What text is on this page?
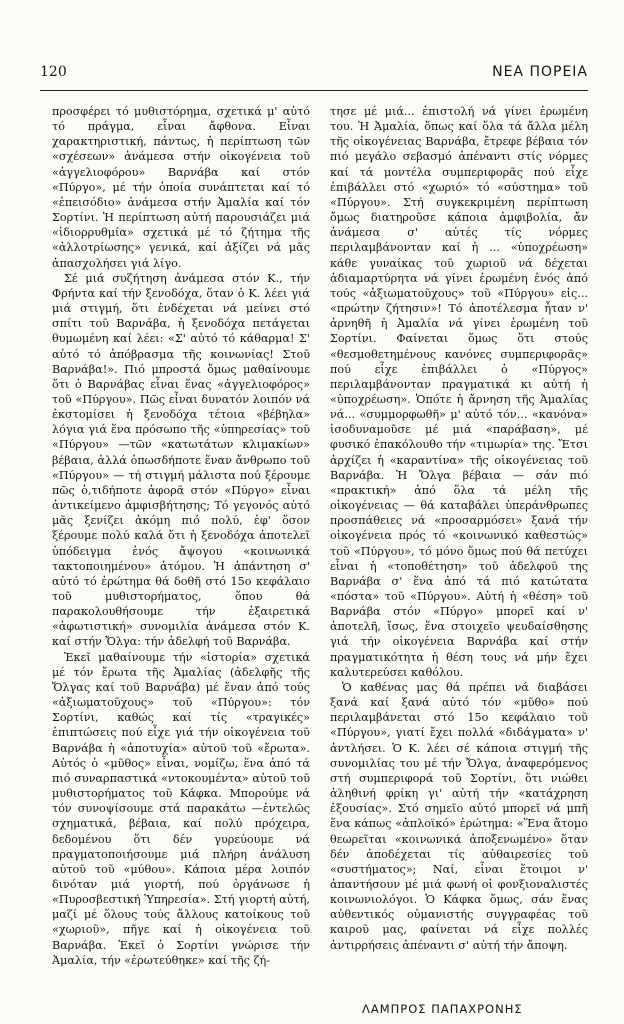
120	ΝΕΑ ΠΟΡΕΙΑ

προσφέρει τό μυθιστόρημα, σχετικά μ' αὐτό τό πράγμα, εἶναι ἄφθονα. Εἶναι χαρακτηριστική, πάντως, ἡ περίπτωση τῶν «σχέσεων» ἀνάμεσα στήν οἰκογένεια τοῦ «ἀγγελιοφόρου» Βαρνάβα καί στόν «Πύργο», μέ τήν ὁποία συνάπτεται καί τό «ἐπεισόδιο» ἀνάμεσα στήν Ἀμαλία καί τόν Σορτίνι. Ἡ περίπτωση αὐτή παρουσιάζει μιά «ἰδιορρυθμία» σχετικά μέ τό ζήτημα τῆς «ἀλλοτρίωσης» γενικά, καί ἀξίζει νά μᾶς ἀπασχολήσει γιά λίγο.

Σέ μιά συζήτηση ἀνάμεσα στόν Κ., τήν Φρήντα καί τήν ξενοδόχα, ὅταν ὁ Κ. λέει γιά μιά στιγμή, ὅτι ἐνδέχεται νά μείνει στό σπίτι τοῦ Βαρνάβα, ἡ ξενοδόχα πετάγεται θυμωμένη καί λέει: «Σ' αὐτό τό κάθαρμα! Σ' αὐτό τό ἀπόβρασμα τῆς κοινωνίας! Στοῦ Βαρνάβα!». Πιό μπροστά ὅμως μαθαίνουμε ὅτι ὁ Βαρνάβας εἶναι ἕνας «ἀγγελιοφόρος» τοῦ «Πύργου». Πῶς εἶναι δυνατόν λοιπόν νά ἐκστομίσει ἡ ξενοδόχα τέτοια «βέβηλα» λόγια γιά ἕνα πρόσωπο τῆς «ὑπηρεσίας» τοῦ «Πύργου» —τῶν «κατωτάτων κλιμακίων» βέβαια, ἀλλά ὁπωσδήποτε ἕναν ἄνθρωπο τοῦ «Πύργου» — τή στιγμή μάλιστα πού ξέρουμε πῶς ὁ,τιδήποτε ἀφορᾶ στόν «Πύργο» εἶναι ἀντικείμενο ἀμφισβήτησης; Τό γεγονός αὐτό μᾶς ξενίζει ἀκόμη πιό πολύ, ἐφ' ὅσον ξέρουμε πολύ καλά ὅτι ἡ ξενοδόχα ἀποτελεῖ ὑπόδειγμα ἑνός ἄψογου «κοινωνικά τακτοποιημένου» ἀτόμου. Ἡ ἀπάντηση σ' αὐτό τό ἐρώτημα θά δοθῆ στό 15ο κεφάλαιο τοῦ μυθιστορήματος, ὅπου θά παρακολουθήσουμε τήν ἐξαιρετικά «ἀφωτιστική» συνομιλία ἀνάμεσα στόν Κ. καί στήν Ὄλγα: τήν ἀδελφή τοῦ Βαρνάβα.

Ἐκεῖ μαθαίνουμε τήν «ἱστορία» σχετικά μέ τόν ἔρωτα τῆς Ἀμαλίας (ἀδελφῆς τῆς Ὄλγας καί τοῦ Βαρνάβα) μέ ἕναν ἀπό τούς «ἀξιωματοῦχους» τοῦ «Πύργου»: τόν Σορτίνι, καθώς καί τίς «τραγικές» ἐπιπτώσεις πού εἶχε γιά τήν οἰκογένεια τοῦ Βαρνάβα ἡ «ἀποτυχία» αὐτοῦ τοῦ «ἔρωτα». Αὐτός ὁ «μῦθος» εἶναι, νομίζω, ἕνα ἀπό τά πιό συναρπαστικά «ντοκουμέντα» αὐτοῦ τοῦ μυθιστορήματος τοῦ Κάφκα. Μπορούμε νά τόν συνοψίσουμε στά παρακάτω —ἐντελῶς σχηματικά, βέβαια, καί πολύ πρόχειρα, δεδομένου ὅτι δέν γυρεύουμε νά πραγματοποιήσουμε μιά πλήρη ἀνάλυση αὐτοῦ τοῦ «μύθου». Κάποια μέρα λοιπόν δινόταν μιά γιορτή, πού ὀργάνωσε ἡ «Πυροσβεστική Ὑπηρεσία». Στή γιορτή αὐτή, μαζί μέ ὅλους τούς ἄλλους κατοίκους τοῦ «χωριοῦ», πῆγε καί ἡ οἰκογένεια τοῦ Βαρνάβα. Ἐκεῖ ὁ Σορτίνι γνώρισε τήν Ἀμαλία, τήν «ἐρωτεύθηκε» καί τῆς ζή-

τησε μέ μιά... ἐπιστολή νά γίνει ἐρωμένη του. Ἡ Ἀμαλία, ὅπως καί ὅλα τά ἄλλα μέλη τῆς οἰκογένειας Βαρνάβα, ἔτρεφε βέβαια τόν πιό μεγάλο σεβασμό ἀπέναντι στίς νόρμες καί τά μοντέλα συμπεριφορᾶς πού εἶχε ἐπιβάλλει στό «χωριό» τό «σύστημα» τοῦ «Πύργου». Στή συγκεκριμένη περίπτωση ὅμως διατηροῦσε κάποια ἀμφιβολία, ἄν ἀνάμεσα σ' αὐτές τίς νόρμες περιλαμβάνονταν καί ἡ ... «ὑποχρέωση» κάθε γυναίκας τοῦ χωριοῦ νά δέχεται ἀδιαμαρτύρητα νά γίνει ἐρωμένη ἑνός ἀπό τούς «ἀξιωματοῦχους» τοῦ «Πύργου» εἰς... «πρώτην ζήτησιν»! Τό ἀποτέλεσμα ἦταν ν' ἀρνηθῆ ἡ Ἀμαλία νά γίνει ἐρωμένη τοῦ Σορτίνι. Φαίνεται ὅμως ὅτι στούς «θεσμοθετημένους κανόνες συμπεριφορᾶς» πού εἶχε ἐπιβάλλει ὁ «Πύργος» περιλαμβάνονταν πραγματικά κι αὐτή ἡ «ὑποχρέωση». Ὁπότε ἡ ἄρνηση τῆς Ἀμαλίας νά... «συμμορφωθῆ» μ' αὐτό τόν... «κανόνα» ἰσοδυναμοῦσε μέ μιά «παράβαση», μέ φυσικό ἐπακόλουθο τήν «τιμωρία» της. Ἔτσι ἀρχίζει ἡ «καραντίνα» τῆς οἰκογένειας τοῦ Βαρνάβα. Ἡ Ὄλγα βέβαια — σάν πιό «πρακτική» ἀπό ὅλα τά μέλη τῆς οἰκογένειας — θά καταβάλει ὑπεράνθρωπες προσπάθειες νά «προσαρμόσει» ξανά τήν οἰκογένεια πρός τό «κοινωνικό καθεστώς» τοῦ «Πύργου», τό μόνο ὅμως πού θά πετύχει εἶναι ἡ «τοποθέτηση» τοῦ ἀδελφοῦ της Βαρνάβα σ' ἕνα ἀπό τά πιό κατώτατα «πόστα» τοῦ «Πύργου». Αὐτή ἡ «θέση» τοῦ Βαρνάβα στόν «Πύργο» μπορεῖ καί ν' ἀποτελῆ, ἴσως, ἕνα στοιχεῖο ψευδαίσθησης γιά τήν οἰκογένεια Βαρνάβα καί στήν πραγματικότητα ἡ θέση τους νά μήν ἔχει καλυτερεύσει καθόλου.

Ὁ καθένας μας θά πρέπει νά διαβάσει ξανά καί ξανά αὐτό τόν «μῦθο» πού περιλαμβάνεται στό 15ο κεφάλαιο τοῦ «Πύργου», γιατί ἔχει πολλά «διδάγματα» ν' ἀντλήσει. Ὁ Κ. λέει σέ κάποια στιγμή τῆς συνομιλίας του μέ τήν Ὄλγα, ἀναφερόμενος στή συμπεριφορά τοῦ Σορτίνι, ὅτι νιώθει ἀληθινή φρίκη γι' αὐτή τήν «κατάχρηση ἐξουσίας». Στό σημεῖο αὐτό μπορεῖ νά μπῆ ἕνα κάπως «ἀπλοϊκό» ἐρώτημα: «Ἕνα ἄτομο θεωρεῖται «κοινωνικά ἀποξενωμένο» ὅταν δέν ἀποδέχεται τίς αὐθαιρεσίες τοῦ «συστήματος»; Ναί, εἶναι ἕτοιμοι ν' ἀπαντήσουν μέ μιά φωνή οἱ φονξιοναλιστές κοινωνιολόγοι. Ὁ Κάφκα ὅμως, σάν ἕνας αὐθεντικός οὐμανιστής συγγραφέας τοῦ καιροῦ μας, φαίνεται νά εἶχε πολλές ἀντιρρήσεις ἀπέναντι σ' αὐτή τήν ἄποψη.

ΛΑΜΠΡΟΣ ΠΑΠΑΧΡΟΝΗΣ
